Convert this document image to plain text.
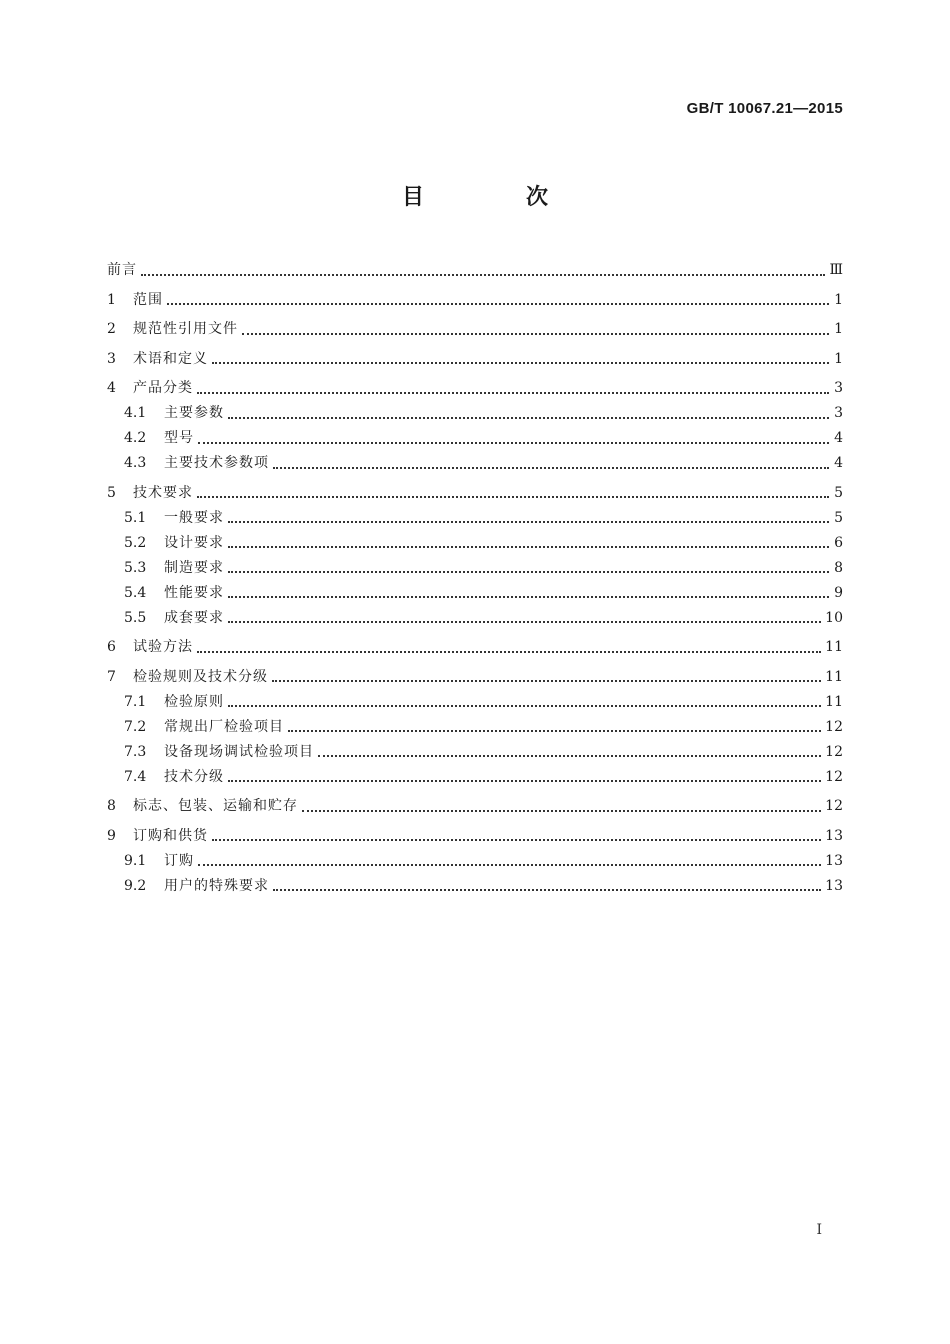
GB/T 10067.21—2015
目　次
前言	Ⅲ
1	范围	1
2	规范性引用文件	1
3	术语和定义	1
4	产品分类	3
4.1	主要参数	3
4.2	型号	4
4.3	主要技术参数项	4
5	技术要求	5
5.1	一般要求	5
5.2	设计要求	6
5.3	制造要求	8
5.4	性能要求	9
5.5	成套要求	10
6	试验方法	11
7	检验规则及技术分级	11
7.1	检验原则	11
7.2	常规出厂检验项目	12
7.3	设备现场调试检验项目	12
7.4	技术分级	12
8	标志、包装、运输和贮存	12
9	订购和供货	13
9.1	订购	13
9.2	用户的特殊要求	13
I
